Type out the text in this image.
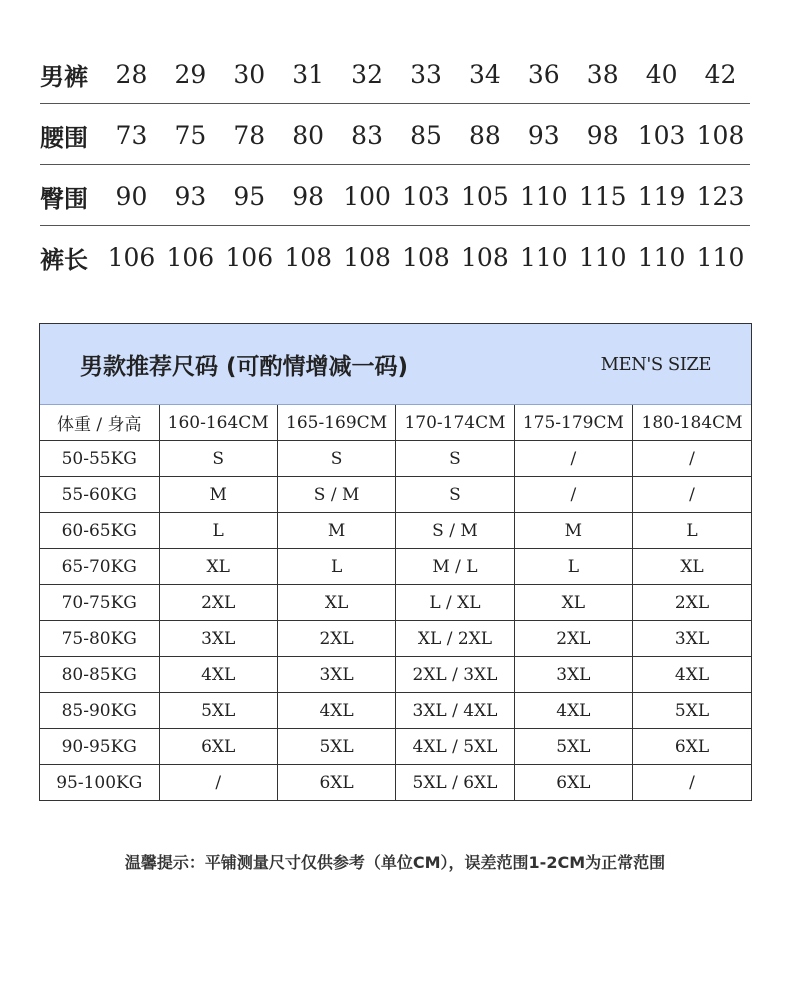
男裤	28	29	30	31	32	33	34	36	38	40	42
腰围	73	75	78	80	83	85	88	93	98 103 108
臀围	90	93	95	98 100 103 105 110 115 119 123
裤长 106 106 106 108 108 108 108 110 110 110 110
男款推荐尺码 (可酌情增减一码)	MEN'S SIZE
体重 / 身高	160-164CM	165-169CM	170-174CM	175-179CM	180-184CM
50-55KG	S	S	S	/	/
55-60KG	M	S / M	S	/	/
60-65KG	L	M	S / M	M	L
65-70KG	XL	L	M / L	L	XL
70-75KG	2XL	XL	L / XL	XL	2XL
75-80KG	3XL	2XL	XL / 2XL	2XL	3XL
80-85KG	4XL	3XL	2XL / 3XL	3XL	4XL
85-90KG	5XL	4XL	3XL / 4XL	4XL	5XL
90-95KG	6XL	5XL	4XL / 5XL	5XL	6XL
95-100KG	/	6XL	5XL / 6XL	6XL	/
温馨提示：平铺测量尺寸仅供参考（单位CM），误差范围1-2CM为正常范围
